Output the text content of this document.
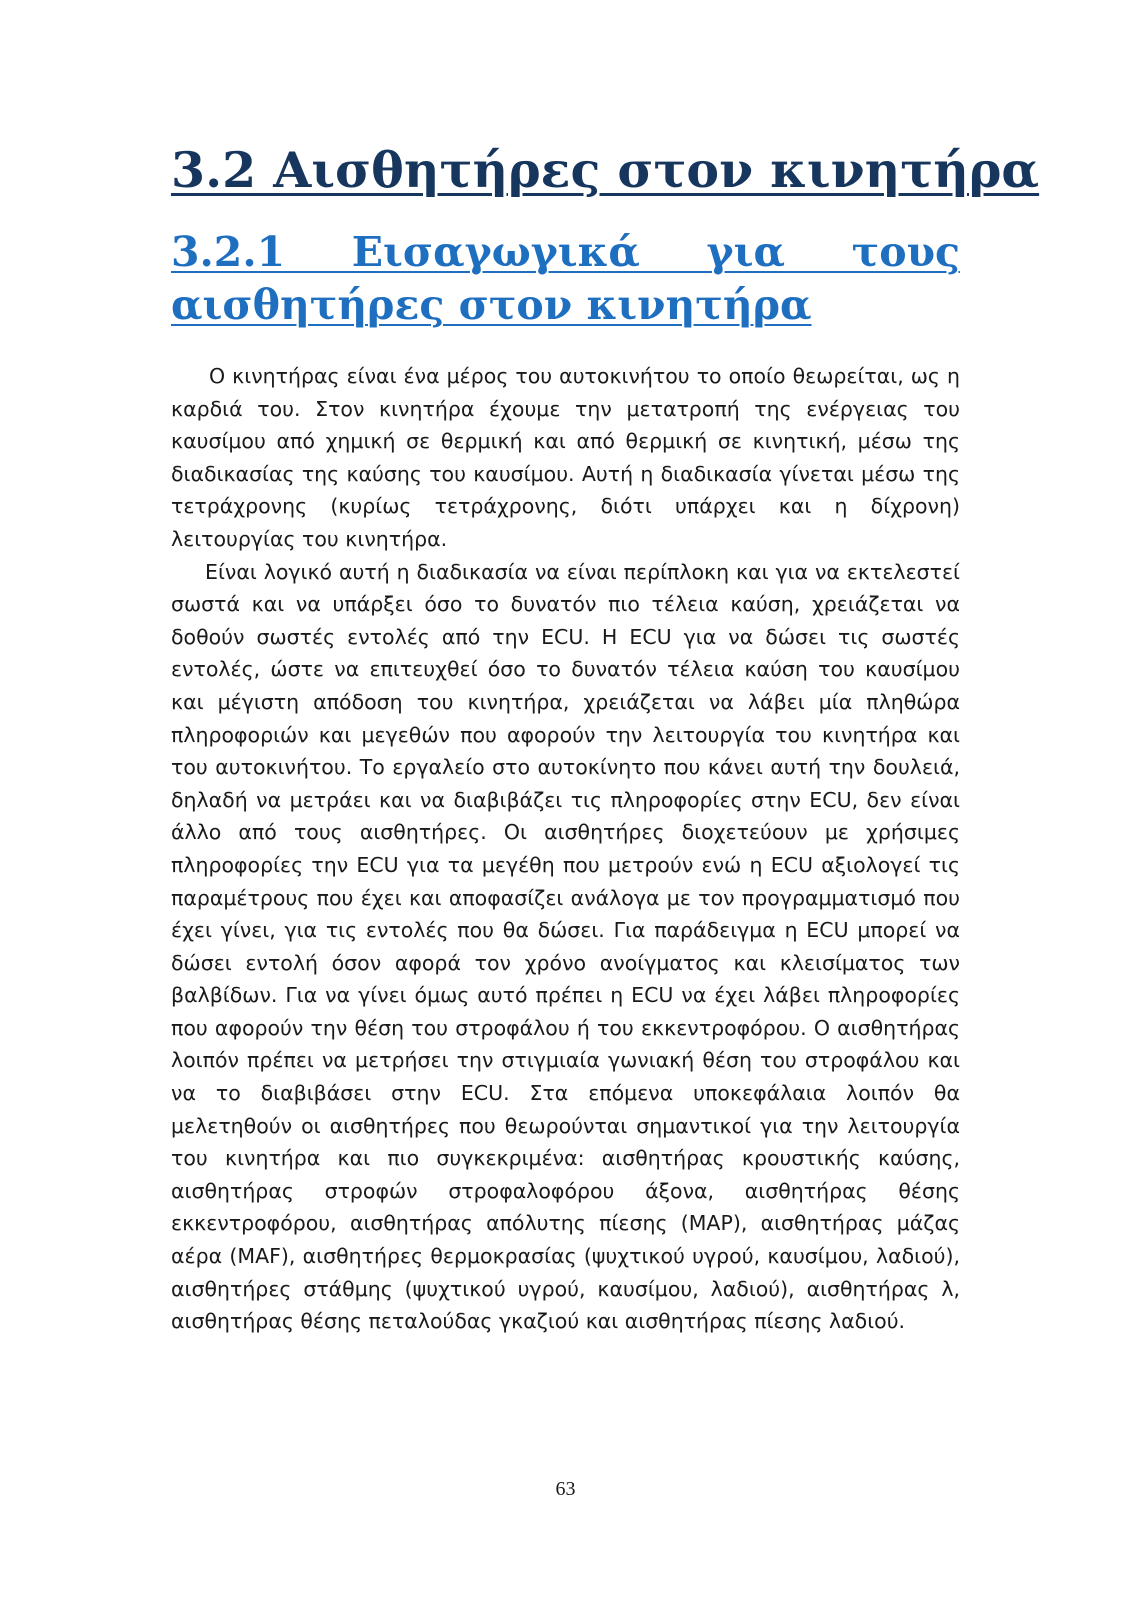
3.2 Αισθητήρες στον κινητήρα
3.2.1 Εισαγωγικά για τους αισθητήρες στον κινητήρα

Ο κινητήρας είναι ένα μέρος του αυτοκινήτου το οποίο θεωρείται, ως η καρδιά του. Στον κινητήρα έχουμε την μετατροπή της ενέργειας του καυσίμου από χημική σε θερμική και από θερμική σε κινητική, μέσω της διαδικασίας της καύσης του καυσίμου. Αυτή η διαδικασία γίνεται μέσω της τετράχρονης (κυρίως τετράχρονης, διότι υπάρχει και η δίχρονη) λειτουργίας του κινητήρα.

Είναι λογικό αυτή η διαδικασία να είναι περίπλοκη και για να εκτελεστεί σωστά και να υπάρξει όσο το δυνατόν πιο τέλεια καύση, χρειάζεται να δοθούν σωστές εντολές από την ECU. Η ECU για να δώσει τις σωστές εντολές, ώστε να επιτευχθεί όσο το δυνατόν τέλεια καύση του καυσίμου και μέγιστη απόδοση του κινητήρα, χρειάζεται να λάβει μία πληθώρα πληροφοριών και μεγεθών που αφορούν την λειτουργία του κινητήρα και του αυτοκινήτου. Το εργαλείο στο αυτοκίνητο που κάνει αυτή την δουλειά, δηλαδή να μετράει και να διαβιβάζει τις πληροφορίες στην ECU, δεν είναι άλλο από τους αισθητήρες. Οι αισθητήρες διοχετεύουν με χρήσιμες πληροφορίες την ECU για τα μεγέθη που μετρούν ενώ η ECU αξιολογεί τις παραμέτρους που έχει και αποφασίζει ανάλογα με τον προγραμματισμό που έχει γίνει, για τις εντολές που θα δώσει. Για παράδειγμα η ECU μπορεί να δώσει εντολή όσον αφορά τον χρόνο ανοίγματος και κλεισίματος των βαλβίδων. Για να γίνει όμως αυτό πρέπει η ECU να έχει λάβει πληροφορίες που αφορούν την θέση του στροφάλου ή του εκκεντροφόρου. Ο αισθητήρας λοιπόν πρέπει να μετρήσει την στιγμιαία γωνιακή θέση του στροφάλου και να το διαβιβάσει στην ECU. Στα επόμενα υποκεφάλαια λοιπόν θα μελετηθούν οι αισθητήρες που θεωρούνται σημαντικοί για την λειτουργία του κινητήρα και πιο συγκεκριμένα: αισθητήρας κρουστικής καύσης, αισθητήρας στροφών στροφαλοφόρου άξονα, αισθητήρας θέσης εκκεντροφόρου, αισθητήρας απόλυτης πίεσης (MAP), αισθητήρας μάζας αέρα (MAF), αισθητήρες θερμοκρασίας (ψυχτικού υγρού, καυσίμου, λαδιού), αισθητήρες στάθμης (ψυχτικού υγρού, καυσίμου, λαδιού), αισθητήρας λ, αισθητήρας θέσης πεταλούδας γκαζιού και αισθητήρας πίεσης λαδιού.

63
